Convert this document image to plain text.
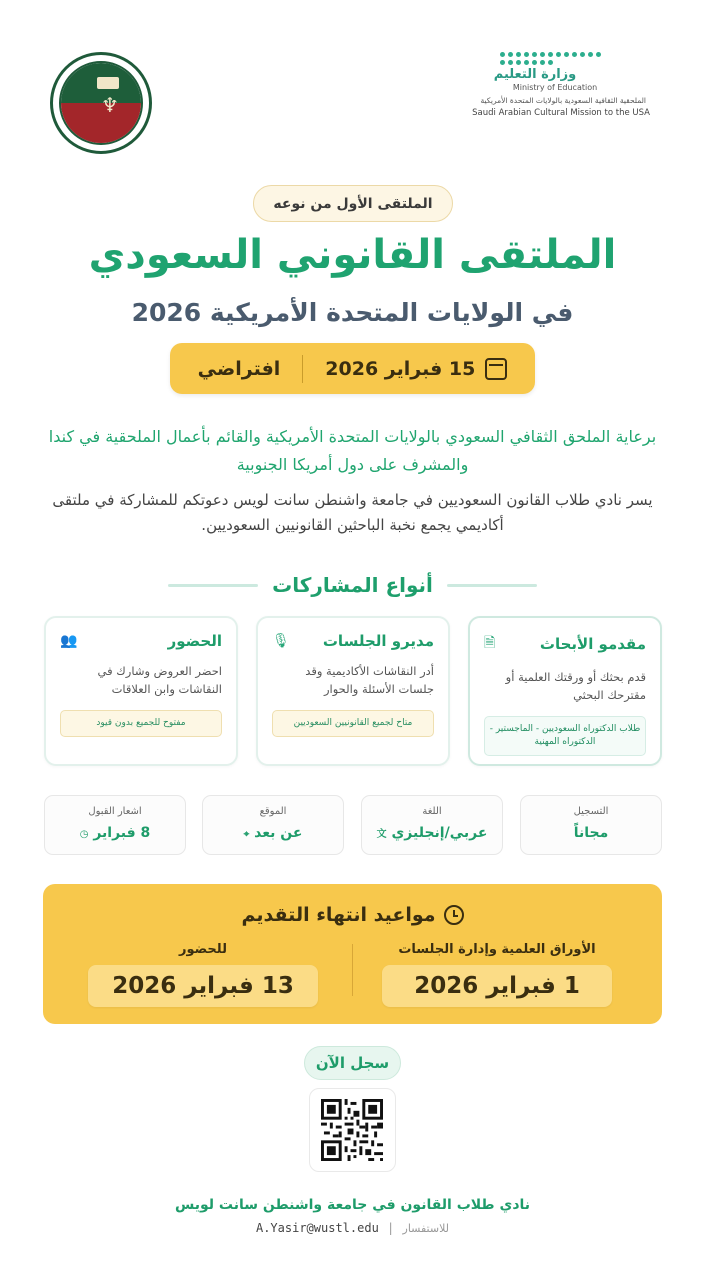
♆
وزارة التعليم
Ministry of Education
الملحقية الثقافية السعودية بالولايات المتحدة الأمريكية
Saudi Arabian Cultural Mission to the USA
الملتقى الأول من نوعه
الملتقى القانوني السعودي
في الولايات المتحدة الأمريكية 2026
15 فبراير 2026
افتراضي
برعاية الملحق الثقافي السعودي بالولايات المتحدة الأمريكية والقائم بأعمال الملحقية في كندا والمشرف على دول أمريكا الجنوبية
يسر نادي طلاب القانون السعوديين في جامعة واشنطن سانت لويس دعوتكم للمشاركة في ملتقى أكاديمي يجمع نخبة الباحثين القانونيين السعوديين.
أنواع المشاركات
مقدمو الأبحاث
🗎
قدم بحثك أو ورقتك العلمية أو مقترحك البحثي
طلاب الدكتوراه السعوديين - الماجستير - الدكتوراه المهنية
مديرو الجلسات
🎙
أدر النقاشات الأكاديمية وقد جلسات الأسئلة والحوار
متاح لجميع القانونيين السعوديين
الحضور
👥
احضر العروض وشارك في النقاشات وابن العلاقات
مفتوح للجميع بدون قيود
التسجيل
مجاناً
اللغة
عربي/إنجليزي 文
الموقع
عن بعد ⌖
اشعار القبول
8 فبراير ◷
مواعيد انتهاء التقديم
الأوراق العلمية وإدارة الجلسات
1 فبراير 2026
للحضور
13 فبراير 2026
سجل الآن
نادي طلاب القانون في جامعة واشنطن سانت لويس
A.Yasir@wustl.edu | للاستفسار
